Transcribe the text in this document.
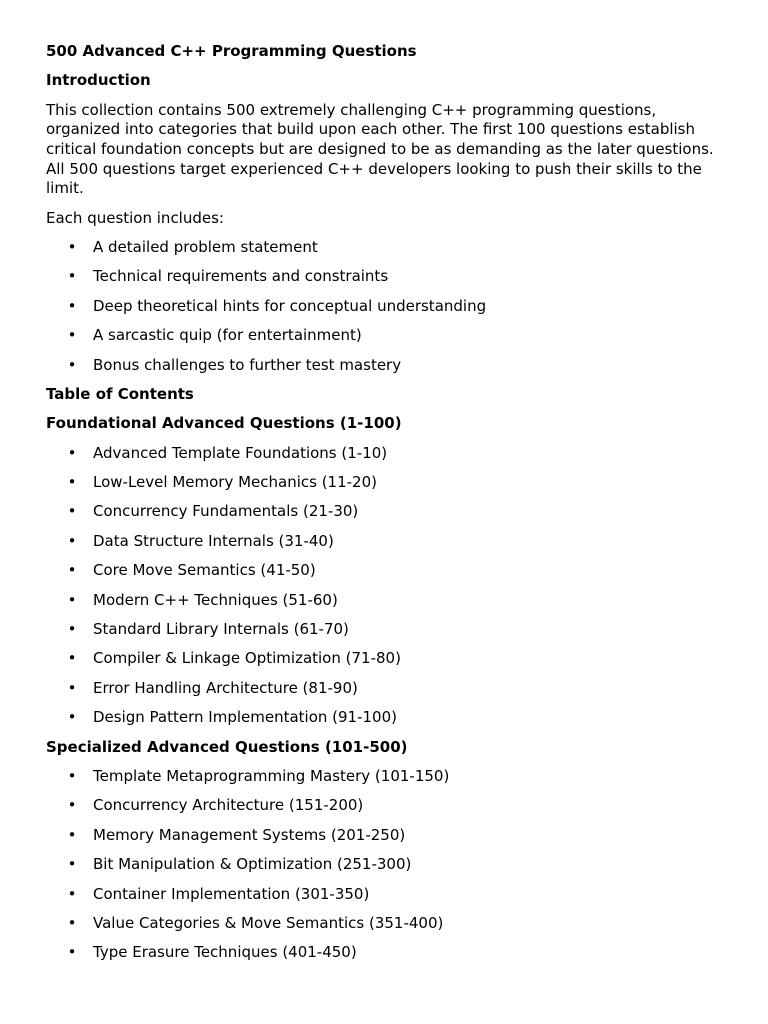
500 Advanced C++ Programming Questions
Introduction
This collection contains 500 extremely challenging C++ programming questions, organized into categories that build upon each other. The first 100 questions establish critical foundation concepts but are designed to be as demanding as the later questions. All 500 questions target experienced C++ developers looking to push their skills to the limit.
Each question includes:
• A detailed problem statement
• Technical requirements and constraints
• Deep theoretical hints for conceptual understanding
• A sarcastic quip (for entertainment)
• Bonus challenges to further test mastery
Table of Contents
Foundational Advanced Questions (1-100)
• Advanced Template Foundations (1-10)
• Low-Level Memory Mechanics (11-20)
• Concurrency Fundamentals (21-30)
• Data Structure Internals (31-40)
• Core Move Semantics (41-50)
• Modern C++ Techniques (51-60)
• Standard Library Internals (61-70)
• Compiler & Linkage Optimization (71-80)
• Error Handling Architecture (81-90)
• Design Pattern Implementation (91-100)
Specialized Advanced Questions (101-500)
• Template Metaprogramming Mastery (101-150)
• Concurrency Architecture (151-200)
• Memory Management Systems (201-250)
• Bit Manipulation & Optimization (251-300)
• Container Implementation (301-350)
• Value Categories & Move Semantics (351-400)
• Type Erasure Techniques (401-450)
